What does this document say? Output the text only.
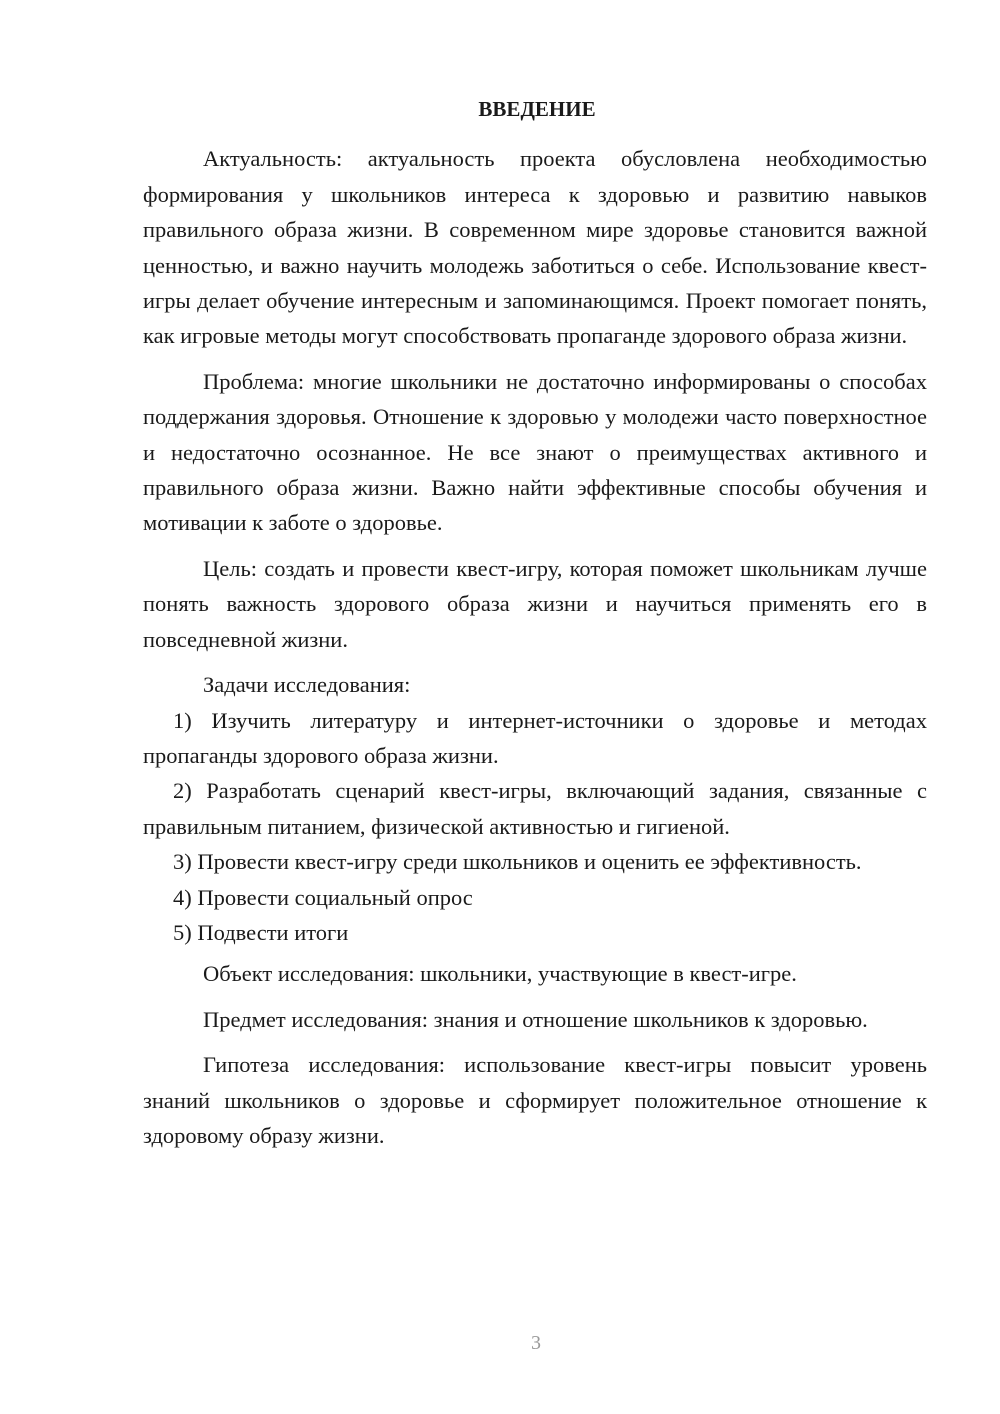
ВВЕДЕНИЕ

Актуальность: актуальность проекта обусловлена необходимостью формирования у школьников интереса к здоровью и развитию навыков правильного образа жизни. В современном мире здоровье становится важной ценностью, и важно научить молодежь заботиться о себе. Использование квест-игры делает обучение интересным и запоминающимся. Проект помогает понять, как игровые методы могут способствовать пропаганде здорового образа жизни.

Проблема: многие школьники не достаточно информированы о способах поддержания здоровья. Отношение к здоровью у молодежи часто поверхностное и недостаточно осознанное. Не все знают о преимуществах активного и правильного образа жизни. Важно найти эффективные способы обучения и мотивации к заботе о здоровье.

Цель: создать и провести квест-игру, которая поможет школьникам лучше понять важность здорового образа жизни и научиться применять его в повседневной жизни.

Задачи исследования:

1) Изучить литературу и интернет-источники о здоровье и методах пропаганды здорового образа жизни.

2) Разработать сценарий квест-игры, включающий задания, связанные с правильным питанием, физической активностью и гигиеной.

3) Провести квест-игру среди школьников и оценить ее эффективность.

4) Провести социальный опрос

5) Подвести итоги

Объект исследования: школьники, участвующие в квест-игре.

Предмет исследования: знания и отношение школьников к здоровью.

Гипотеза исследования: использование квест-игры повысит уровень знаний школьников о здоровье и сформирует положительное отношение к здоровому образу жизни.

3
